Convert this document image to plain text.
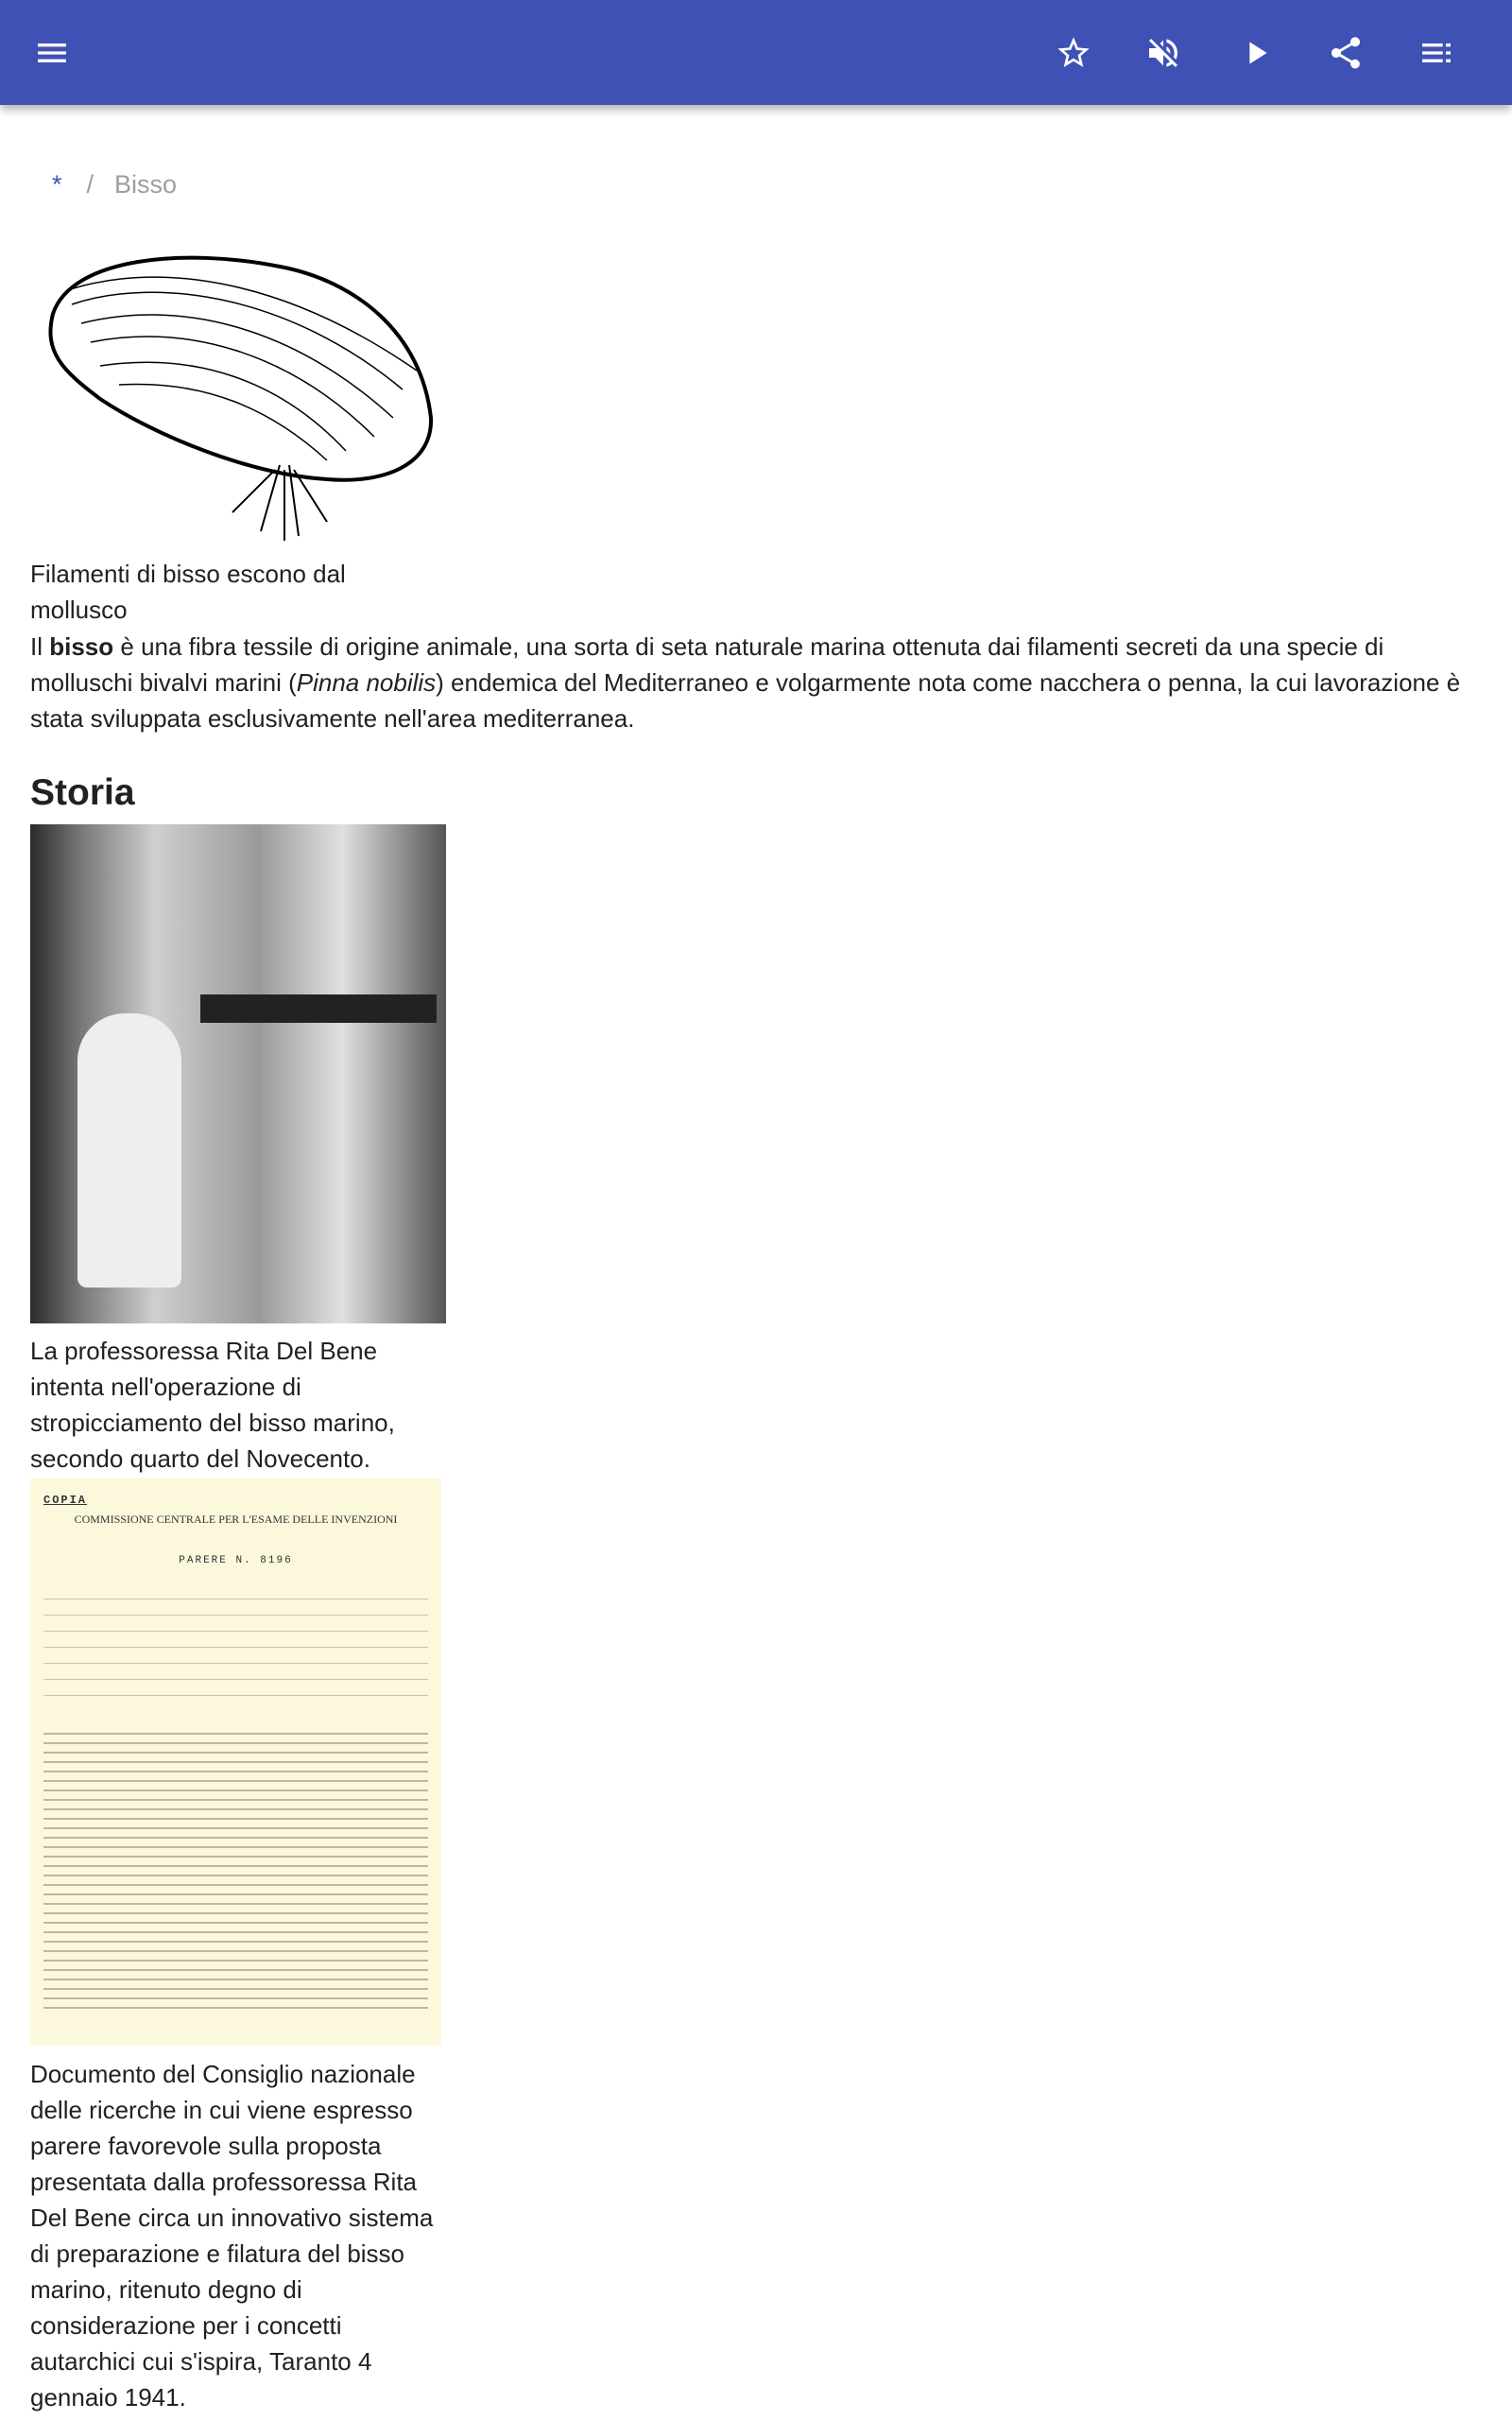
* / Bisso
Filamenti di bisso escono dal mollusco

Il bisso è una fibra tessile di origine animale, una sorta di seta naturale marina ottenuta dai filamenti secreti da una specie di molluschi bivalvi marini (Pinna nobilis) endemica del Mediterraneo e volgarmente nota come nacchera o penna, la cui lavorazione è stata sviluppata esclusivamente nell'area mediterranea.

Storia
La professoressa Rita Del Bene intenta nell'operazione di stropicciamento del bisso marino, secondo quarto del Novecento.
COPIA
COMMISSIONE CENTRALE PER L'ESAME DELLE INVENZIONI
PARERE N. 8196
Documento del Consiglio nazionale delle ricerche in cui viene espresso parere favorevole sulla proposta presentata dalla professoressa Rita Del Bene circa un innovativo sistema di preparazione e filatura del bisso marino, ritenuto degno di considerazione per i concetti autarchici cui s'ispira, Taranto 4 gennaio 1941.
